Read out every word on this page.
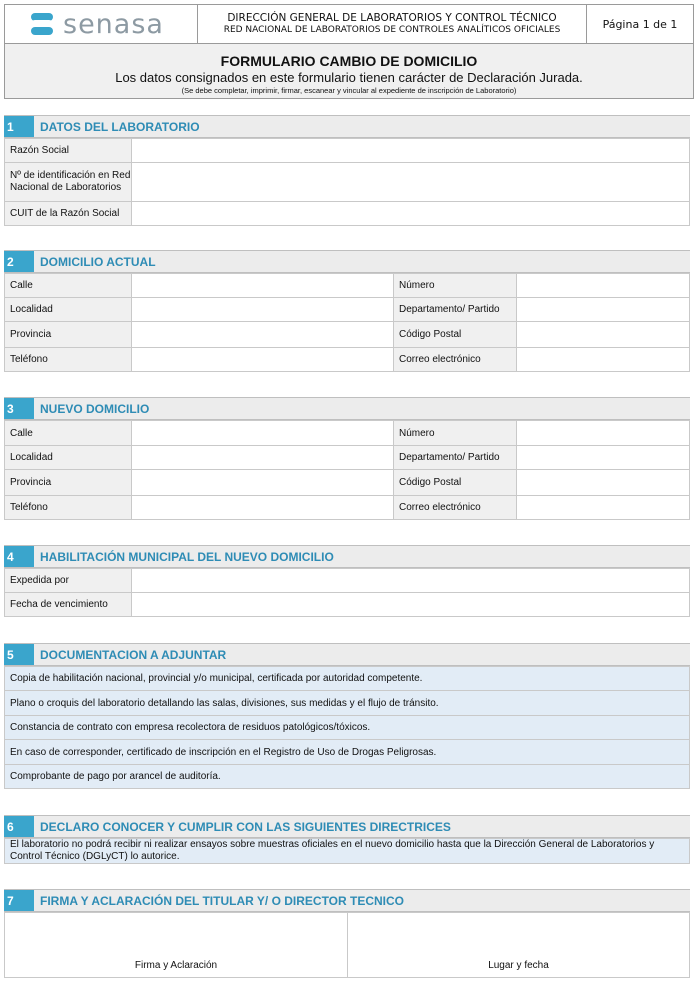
senasa	DIRECCIÓN GENERAL DE LABORATORIOS Y CONTROL TÉCNICO
RED NACIONAL DE LABORATORIOS DE CONTROLES ANALÍTICOS OFICIALES	Página 1 de 1
FORMULARIO CAMBIO DE DOMICILIO
Los datos consignados en este formulario tienen carácter de Declaración Jurada.
(Se debe completar, imprimir, firmar, escanear y vincular al expediente de inscripción de Laboratorio)
1	DATOS DEL LABORATORIO
Razón Social
Nº de identificación en Red Nacional de Laboratorios
CUIT de la Razón Social
2	DOMICILIO ACTUAL
Calle	Número
Localidad	Departamento/ Partido
Provincia	Código Postal
Teléfono	Correo electrónico
3	NUEVO DOMICILIO
Calle	Número
Localidad	Departamento/ Partido
Provincia	Código Postal
Teléfono	Correo electrónico
4	HABILITACIÓN MUNICIPAL DEL NUEVO DOMICILIO
Expedida por
Fecha de vencimiento
5	DOCUMENTACION A ADJUNTAR
Copia de habilitación nacional, provincial y/o municipal, certificada por autoridad competente.
Plano o croquis del laboratorio detallando las salas, divisiones, sus medidas y el flujo de tránsito.
Constancia de contrato con empresa recolectora de residuos patológicos/tóxicos.
En caso de corresponder, certificado de inscripción en el Registro de Uso de Drogas Peligrosas.
Comprobante de pago por arancel de auditoría.
6	DECLARO CONOCER Y CUMPLIR CON LAS SIGUIENTES DIRECTRICES
El laboratorio no podrá recibir ni realizar ensayos sobre muestras oficiales en el nuevo domicilio hasta que la Dirección General de Laboratorios y Control Técnico (DGLyCT) lo autorice.
7	FIRMA Y ACLARACIÓN DEL TITULAR Y/ O DIRECTOR TECNICO
Firma y Aclaración	Lugar y fecha
